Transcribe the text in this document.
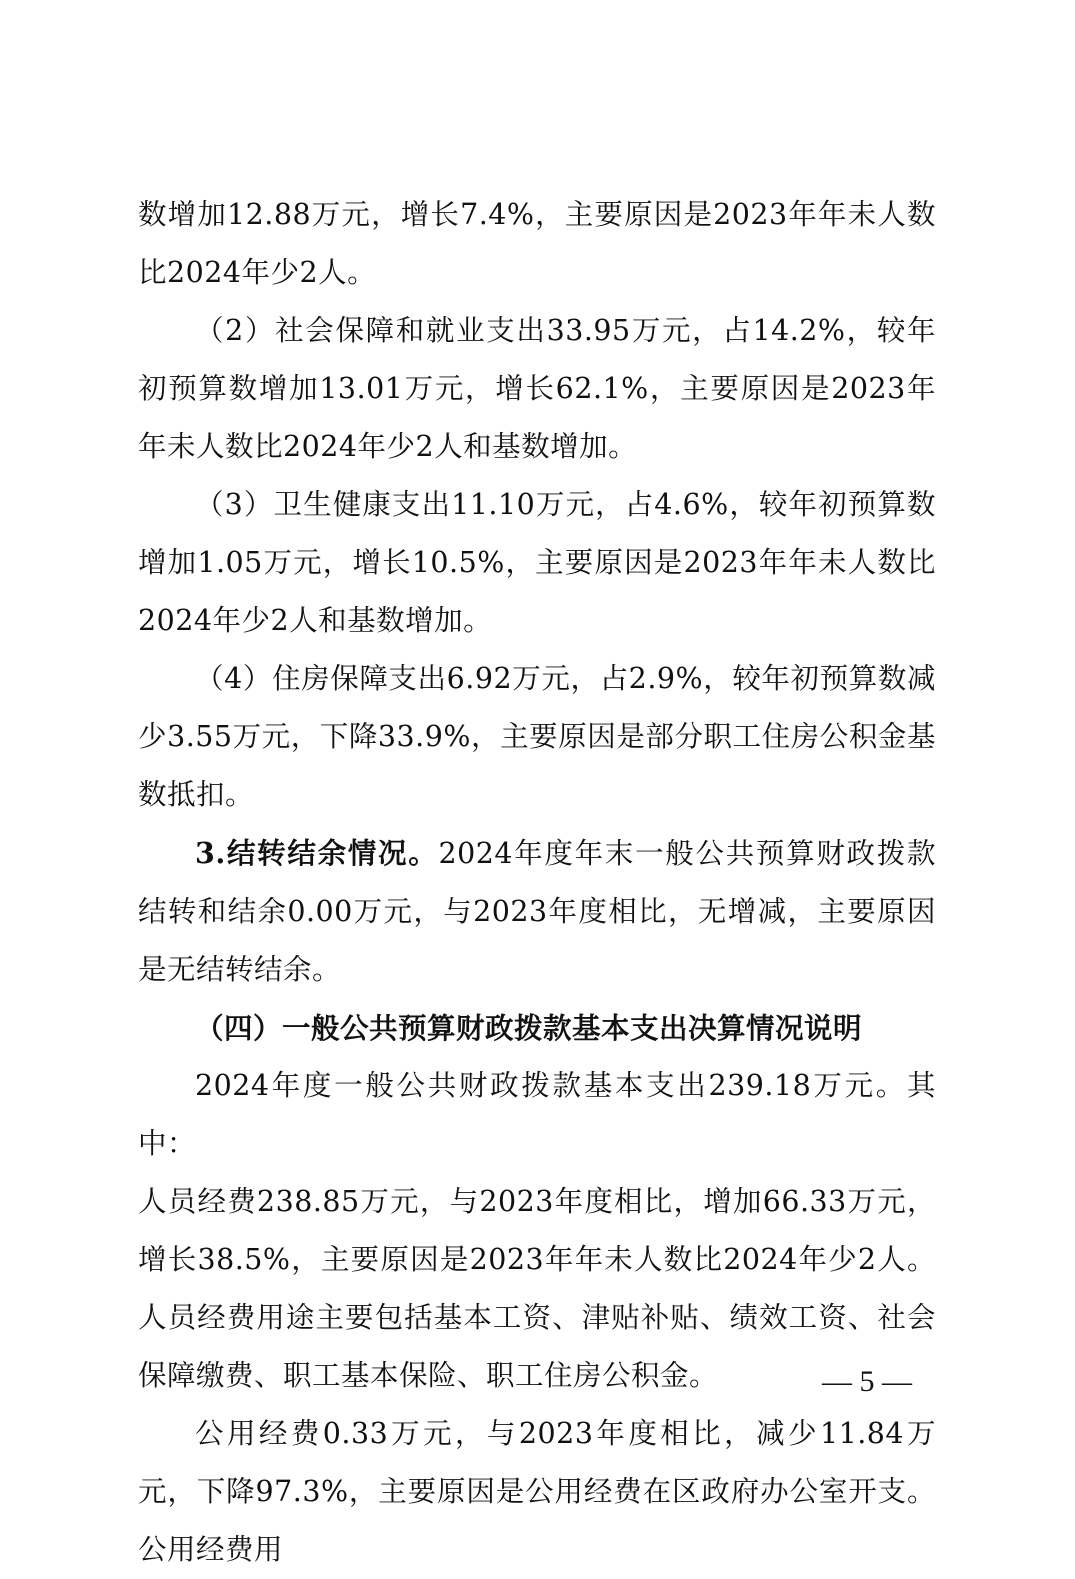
数增加12.88万元，增长7.4%，主要原因是2023年年未人数比2024年少2人。

（2）社会保障和就业支出33.95万元，占14.2%，较年初预算数增加13.01万元，增长62.1%，主要原因是2023年年未人数比2024年少2人和基数增加。

（3）卫生健康支出11.10万元，占4.6%，较年初预算数增加1.05万元，增长10.5%，主要原因是2023年年未人数比2024年少2人和基数增加。

（4）住房保障支出6.92万元，占2.9%，较年初预算数减少3.55万元，下降33.9%，主要原因是部分职工住房公积金基数抵扣。

3.结转结余情况。2024年度年末一般公共预算财政拨款结转和结余0.00万元，与2023年度相比，无增减，主要原因是无结转结余。

（四）一般公共预算财政拨款基本支出决算情况说明

2024年度一般公共财政拨款基本支出239.18万元。其中：

人员经费238.85万元，与2023年度相比，增加66.33万元，增长38.5%，主要原因是2023年年未人数比2024年少2人。人员经费用途主要包括基本工资、津贴补贴、绩效工资、社会保障缴费、职工基本保险、职工住房公积金。

公用经费0.33万元，与2023年度相比，减少11.84万元，下降97.3%，主要原因是公用经费在区政府办公室开支。公用经费用

— 5 —
